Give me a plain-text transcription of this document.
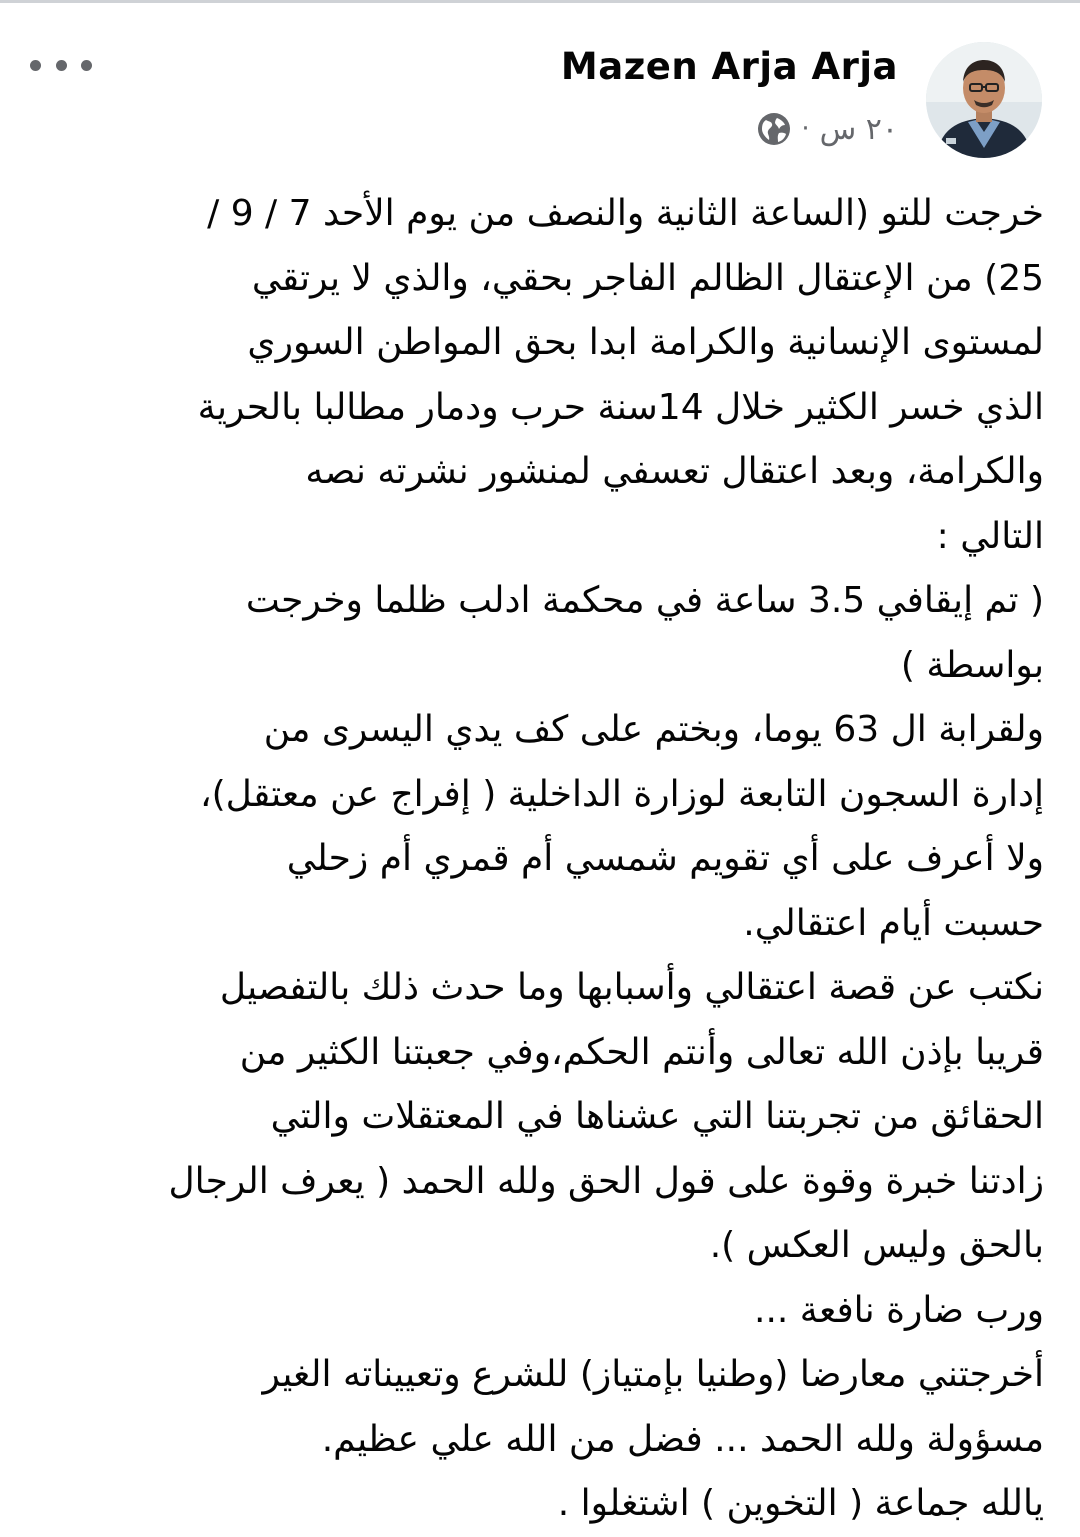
Mazen Arja Arja
٢٠ س
·
خرجت للتو (الساعة الثانية والنصف من يوم الأحد 7 / 9 /
25) من الإعتقال الظالم الفاجر بحقي، والذي لا يرتقي
لمستوى الإنسانية والكرامة ابدا بحق المواطن السوري
الذي خسر الكثير خلال 14سنة حرب ودمار مطالبا بالحرية
والكرامة، وبعد اعتقال تعسفي لمنشور نشرته نصه
التالي :
( تم إيقافي 3.5 ساعة في محكمة ادلب ظلما وخرجت
بواسطة )
ولقرابة ال 63 يوما، وبختم على كف يدي اليسرى من
إدارة السجون التابعة لوزارة الداخلية ( إفراج عن معتقل)،
ولا أعرف على أي تقويم شمسي أم قمري أم زحلي
حسبت أيام اعتقالي.
نكتب عن قصة اعتقالي وأسبابها وما حدث ذلك بالتفصيل
قريبا بإذن الله تعالى وأنتم الحكم،وفي جعبتنا الكثير من
الحقائق من تجربتنا التي عشناها في المعتقلات والتي
زادتنا خبرة وقوة على قول الحق ولله الحمد ( يعرف الرجال
بالحق وليس العكس ).
ورب ضارة نافعة ...
أخرجتني معارضا (وطنيا بإمتياز) للشرع وتعييناته الغير
مسؤولة ولله الحمد ... فضل من الله علي عظيم.
يالله جماعة ( التخوين ) اشتغلوا .
